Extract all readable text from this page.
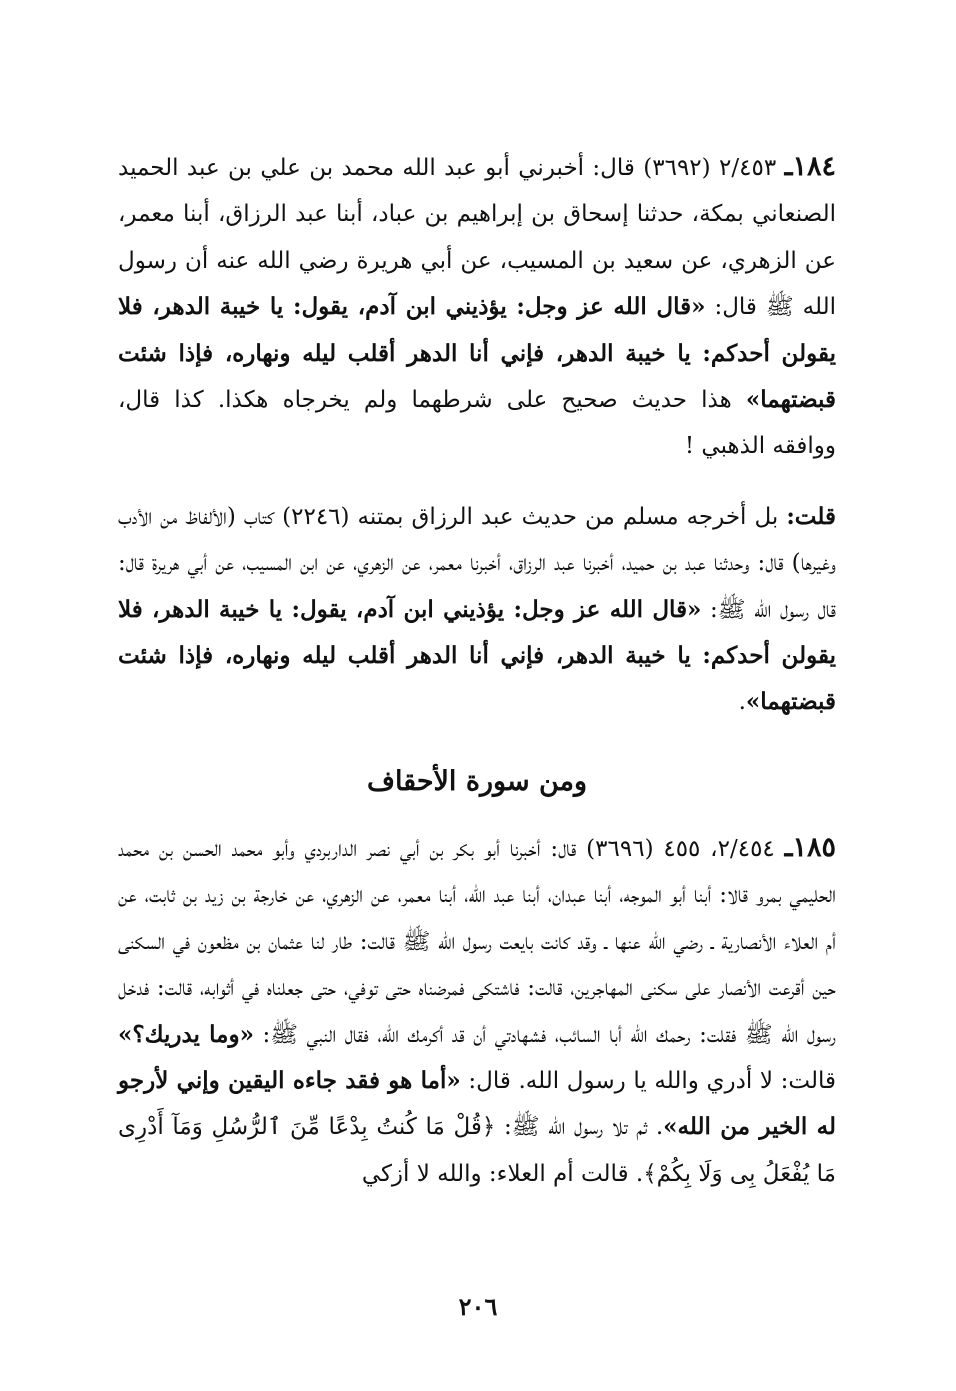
١٨٤ـ ٢/٤٥٣ (٣٦٩٢) قال: أخبرني أبو عبد الله محمد بن علي بن عبد الحميد الصنعاني بمكة، حدثنا إسحاق بن إبراهيم بن عباد، أبنا عبد الرزاق، أبنا معمر، عن الزهري، عن سعيد بن المسيب، عن أبي هريرة رضي الله عنه أن رسول الله ﷺ قال: «قال الله عز وجل: يؤذيني ابن آدم، يقول: يا خيبة الدهر، فلا يقولن أحدكم: يا خيبة الدهر، فإني أنا الدهر أقلب ليله ونهاره، فإذا شئت قبضتهما» هذا حديث صحيح على شرطهما ولم يخرجاه هكذا. كذا قال، ووافقه الذهبي !

قلت: بل أخرجه مسلم من حديث عبد الرزاق بمتنه (٢٢٤٦) كتاب (الألفاظ من الأدب وغيرها) قال: وحدثنا عبد بن حميد، أخبرنا عبد الرزاق، أخبرنا معمر، عن الزهري، عن ابن المسيب، عن أبي هريرة قال: قال رسول الله ﷺ: «قال الله عز وجل: يؤذيني ابن آدم، يقول: يا خيبة الدهر، فلا يقولن أحدكم: يا خيبة الدهر، فإني أنا الدهر أقلب ليله ونهاره، فإذا شئت قبضتهما».

ومن سورة الأحقاف

١٨٥ـ ٢/٤٥٤، ٤٥٥ (٣٦٩٦) قال: أخبرنا أبو بكر بن أبي نصر الداربردي وأبو محمد الحسن بن محمد الحليمي بمرو قالا: أبنا أبو الموجه، أبنا عبدان، أبنا عبد الله، أبنا معمر، عن الزهري، عن خارجة بن زيد بن ثابت، عن أم العلاء الأنصارية ـ رضي الله عنها ـ وقد كانت بايعت رسول الله ﷺ قالت: طار لنا عثمان بن مظعون في السكنى حين أقرعت الأنصار على سكنى المهاجرين، قالت: فاشتكى فمرضناه حتى توفي، حتى جعلناه في أثوابه، قالت: فدخل رسول الله ﷺ فقلت: رحمك الله أبا السائب، فشهادتي أن قد أكرمك الله، فقال النبي ﷺ: «وما يدريك؟» قالت: لا أدري والله يا رسول الله. قال: «أما هو فقد جاءه اليقين وإني لأرجو له الخير من الله». ثم تلا رسول الله ﷺ: ﴿قُلْ مَا كُنتُ بِدْعًا مِّنَ ٱلرُّسُلِ وَمَآ أَدْرِى مَا يُفْعَلُ بِى وَلَا بِكُمْ﴾. قالت أم العلاء: والله لا أزكي

٢٠٦
